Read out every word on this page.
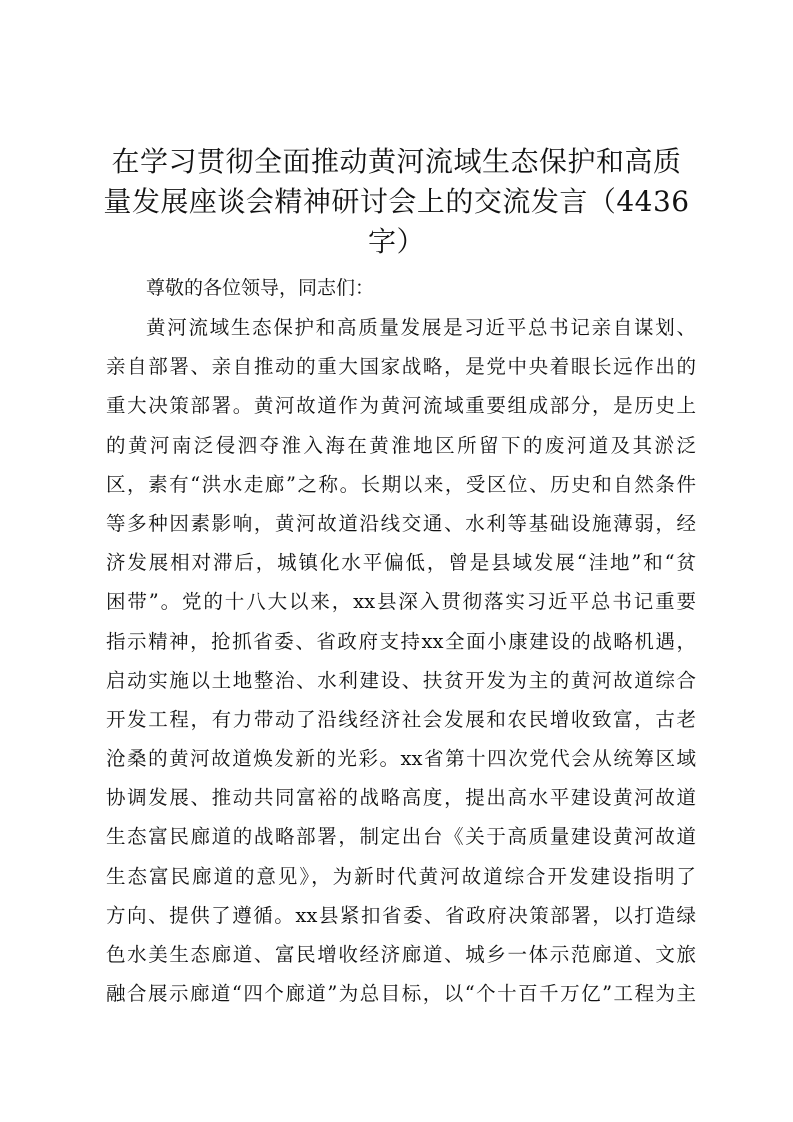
在学习贯彻全面推动黄河流域生态保护和高质
量发展座谈会精神研讨会上的交流发言（4436
字）
尊敬的各位领导，同志们：
黄河流域生态保护和高质量发展是习近平总书记亲自谋划、
亲自部署、亲自推动的重大国家战略，是党中央着眼长远作出的
重大决策部署。黄河故道作为黄河流域重要组成部分，是历史上
的黄河南泛侵泗夺淮入海在黄淮地区所留下的废河道及其淤泛
区，素有“洪水走廊”之称。长期以来，受区位、历史和自然条件
等多种因素影响，黄河故道沿线交通、水利等基础设施薄弱，经
济发展相对滞后，城镇化水平偏低，曾是县域发展“洼地”和“贫
困带”。党的十八大以来，xx县深入贯彻落实习近平总书记重要
指示精神，抢抓省委、省政府支持xx全面小康建设的战略机遇，
启动实施以土地整治、水利建设、扶贫开发为主的黄河故道综合
开发工程，有力带动了沿线经济社会发展和农民增收致富，古老
沧桑的黄河故道焕发新的光彩。xx省第十四次党代会从统筹区域
协调发展、推动共同富裕的战略高度，提出高水平建设黄河故道
生态富民廊道的战略部署，制定出台《关于高质量建设黄河故道
生态富民廊道的意见》，为新时代黄河故道综合开发建设指明了
方向、提供了遵循。xx县紧扣省委、省政府决策部署，以打造绿
色水美生态廊道、富民增收经济廊道、城乡一体示范廊道、文旅
融合展示廊道“四个廊道”为总目标，以“个十百千万亿”工程为主
